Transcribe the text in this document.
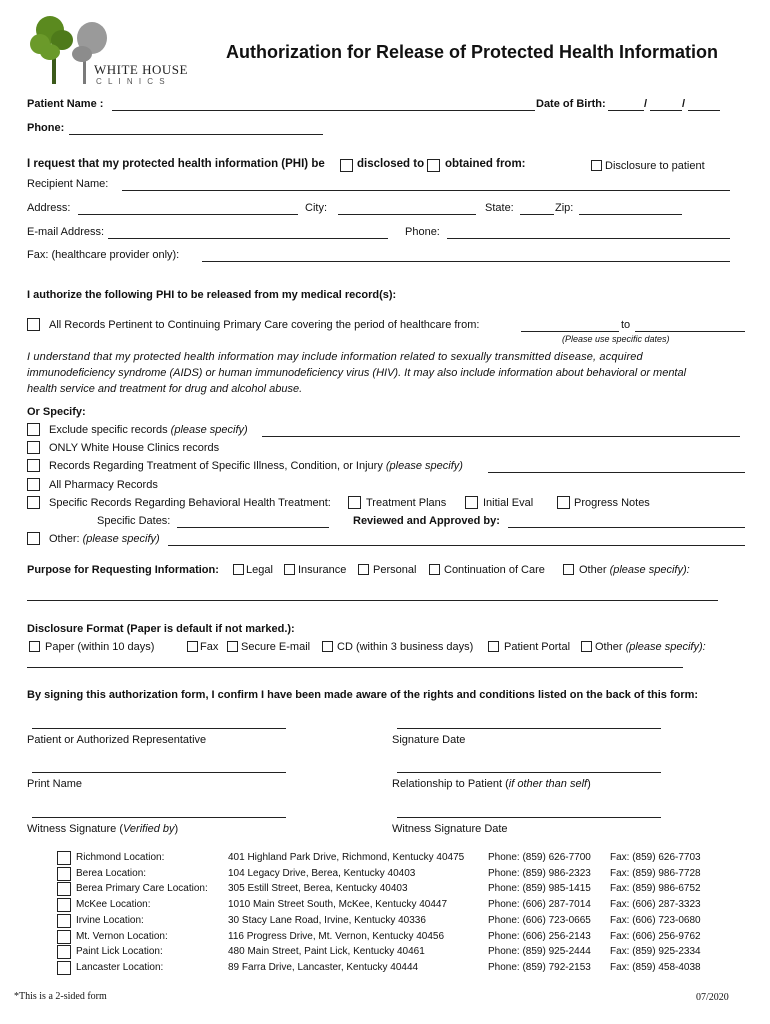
WHITE HOUSE
C L I N I C S
Authorization for Release of Protected Health Information
Patient Name :	Date of Birth:	/	/
Phone:
I request that my protected health information (PHI) be	disclosed to obtained from:	Disclosure to patient
Recipient Name:
Address:	City:	State:	Zip:
E-mail Address:	Phone:
Fax: (healthcare provider only):
I authorize the following PHI to be released from my medical record(s):
All Records Pertinent to Continuing Primary Care covering the period of healthcare from:	to
(Please use specific dates)
I understand that my protected health information may include information related to sexually transmitted disease, acquired
immunodeficiency syndrome (AIDS) or human immunodeficiency virus (HIV). It may also include information about behavioral or mental
health service and treatment for drug and alcohol abuse.
Or Specify:
Exclude specific records (please specify)
ONLY White House Clinics records
Records Regarding Treatment of Specific Illness, Condition, or Injury (please specify)
All Pharmacy Records
Specific Records Regarding Behavioral Health Treatment:	Treatment Plans	Initial Eval	Progress Notes
Specific Dates:	Reviewed and Approved by:
Other: (please specify)
Purpose for Requesting Information: Legal Insurance Personal	Continuation of Care	Other (please specify):
Disclosure Format (Paper is default if not marked.):
Paper (within 10 days)	Fax Secure E-mail CD (within 3 business days)	Patient Portal Other (please specify):
By signing this authorization form, I confirm I have been made aware of the rights and conditions listed on the back of this form:
Patient or Authorized Representative	Signature Date
Print Name	Relationship to Patient (if other than self)
Witness Signature (Verified by)	Witness Signature Date
Richmond Location:	401 Highland Park Drive, Richmond, Kentucky 40475 Phone: (859) 626-7700 Fax: (859) 626-7703
Berea Location:	104 Legacy Drive, Berea, Kentucky 40403	Phone: (859) 986-2323 Fax: (859) 986-7728
Berea Primary Care Location: 305 Estill Street, Berea, Kentucky 40403	Phone: (859) 985-1415 Fax: (859) 986-6752
McKee Location:	1010 Main Street South, McKee, Kentucky 40447	Phone: (606) 287-7014 Fax: (606) 287-3323
Irvine Location:	30 Stacy Lane Road, Irvine, Kentucky 40336	Phone: (606) 723-0665 Fax: (606) 723-0680
Mt. Vernon Location:	116 Progress Drive, Mt. Vernon, Kentucky 40456	Phone: (606) 256-2143 Fax: (606) 256-9762
Paint Lick Location:	480 Main Street, Paint Lick, Kentucky 40461	Phone: (859) 925-2444 Fax: (859) 925-2334
Lancaster Location:	89 Farra Drive, Lancaster, Kentucky 40444	Phone: (859) 792-2153 Fax: (859) 458-4038
*This is a 2-sided form	07/2020
